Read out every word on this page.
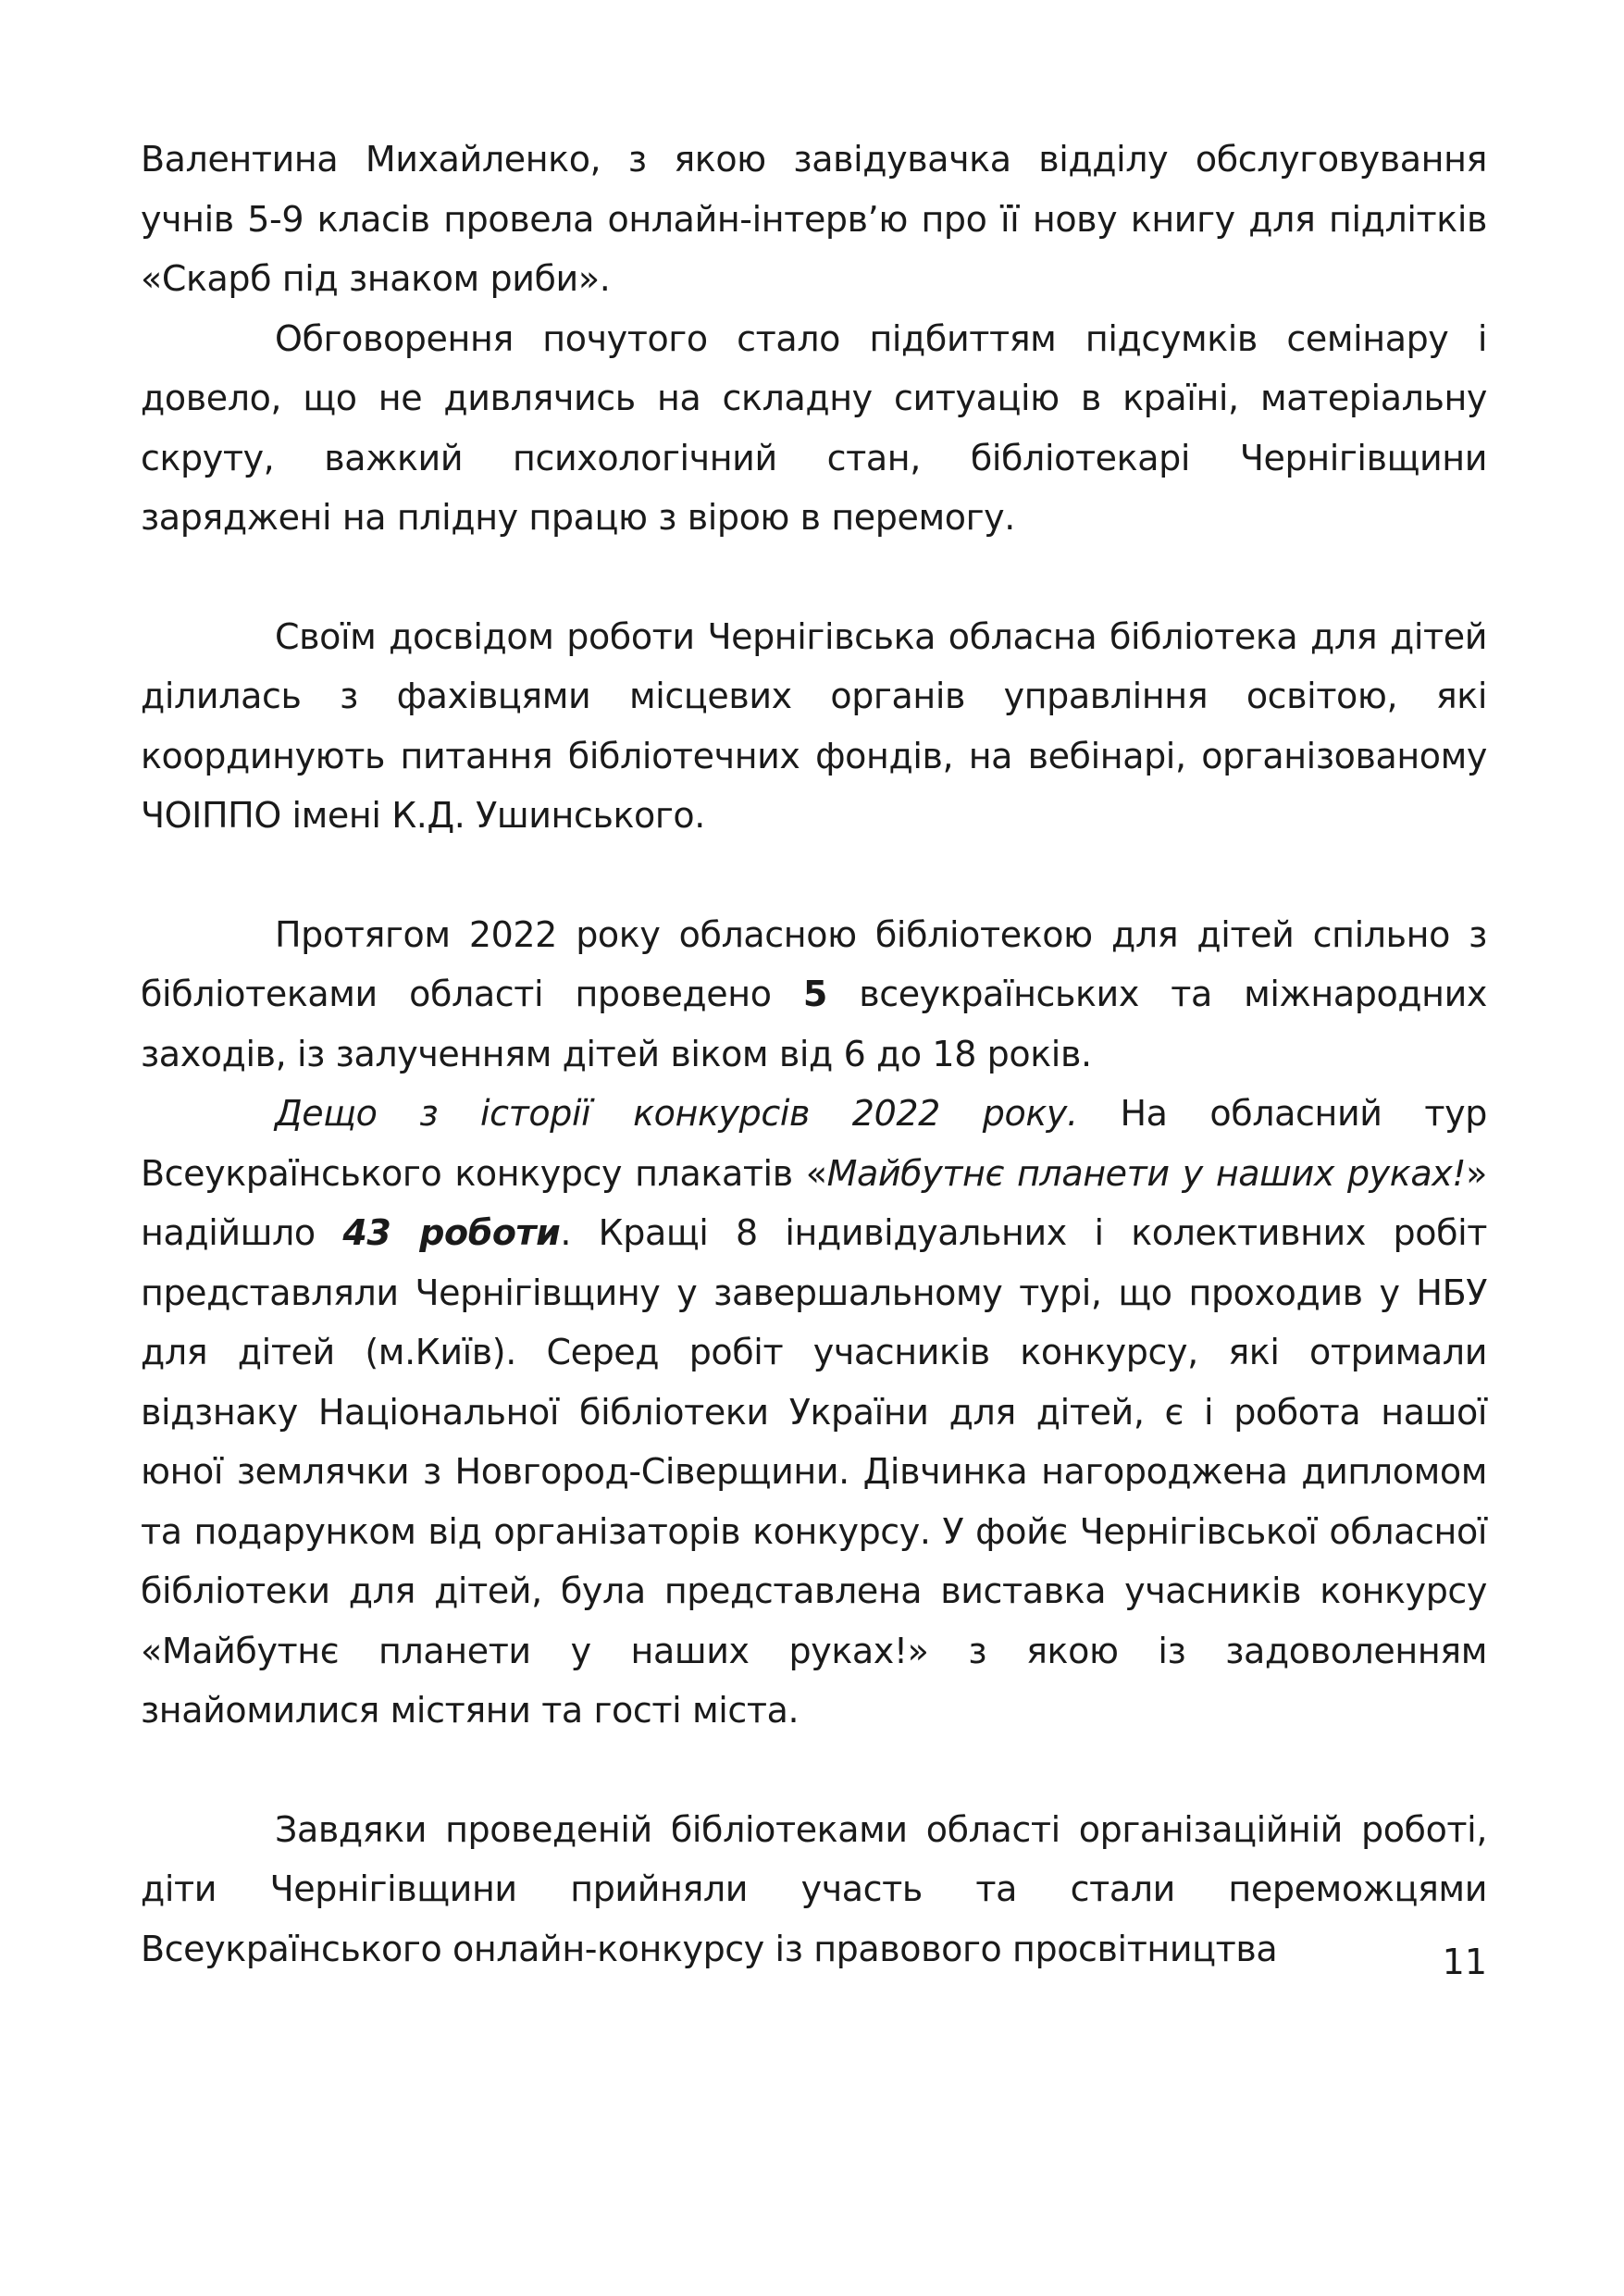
Валентина Михайленко, з якою завідувачка відділу обслуговування учнів 5-9 класів провела онлайн-інтерв’ю про її нову книгу для підлітків «Скарб під знаком риби».

Обговорення почутого стало підбиттям підсумків семінару і довело, що не дивлячись на складну ситуацію в країні, матеріальну скруту, важкий психологічний стан, бібліотекарі Чернігівщини заряджені на плідну працю з вірою в перемогу.

Своїм досвідом роботи Чернігівська обласна бібліотека для дітей ділилась з фахівцями місцевих органів управління освітою, які координують питання бібліотечних фондів, на вебінарі, організованому ЧОІППО імені К.Д. Ушинського.

Протягом 2022 року обласною бібліотекою для дітей спільно з бібліотеками області проведено 5 всеукраїнських та міжнародних заходів, із залученням дітей віком від 6 до 18 років.

Дещо з історії конкурсів 2022 року. На обласний тур Всеукраїнського конкурсу плакатів «Майбутнє планети у наших руках!» надійшло 43 роботи. Кращі 8 індивідуальних і колективних робіт представляли Чернігівщину у завершальному турі, що проходив у НБУ для дітей (м.Київ). Серед робіт учасників конкурсу, які отримали відзнаку Національної бібліотеки України для дітей, є і робота нашої юної землячки з Новгород-Сіверщини. Дівчинка нагороджена дипломом та подарунком від організаторів конкурсу. У фойє Чернігівської обласної бібліотеки для дітей, була представлена виставка учасників конкурсу «Майбутнє планети у наших руках!» з якою із задоволенням знайомилися містяни та гості міста.

Завдяки проведеній бібліотеками області організаційній роботі, діти Чернігівщини прийняли участь та стали переможцями Всеукраїнського онлайн-конкурсу із правового просвітництва	11
